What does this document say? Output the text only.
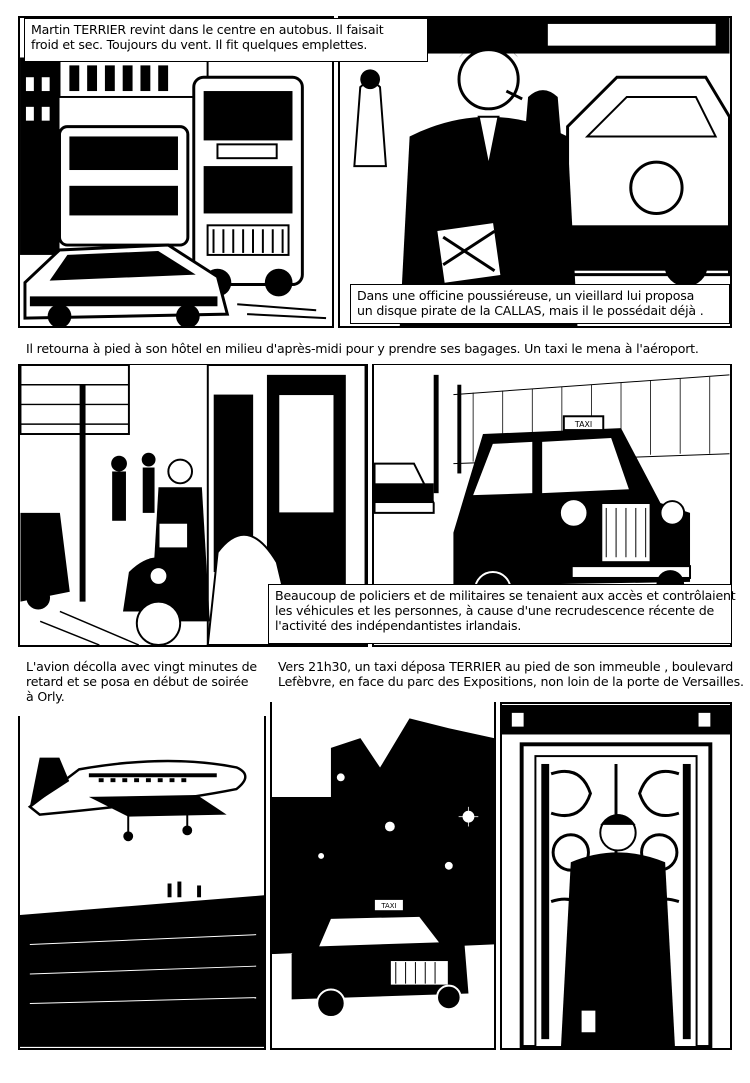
TAXI
TAXI
Martin TERRIER revint dans le centre en autobus. Il faisait
froid et sec. Toujours du vent. Il fit quelques emplettes.
Dans une officine poussiéreuse, un vieillard lui proposa
un disque pirate de la CALLAS, mais il le possédait déjà .
Il retourna à pied à son hôtel en milieu d'après-midi pour y prendre ses bagages. Un taxi le mena à l'aéroport.
Beaucoup de policiers et de militaires se tenaient aux accès et contrôlaient
les véhicules et les personnes, à cause d'une recrudescence récente de
l'activité des indépendantistes irlandais.
L'avion décolla avec vingt minutes de
retard et se posa en début de soirée
à Orly.
Vers 21h30, un taxi déposa TERRIER au pied de son immeuble , boulevard
Lefèbvre, en face du parc des Expositions, non loin de la porte de Versailles.
